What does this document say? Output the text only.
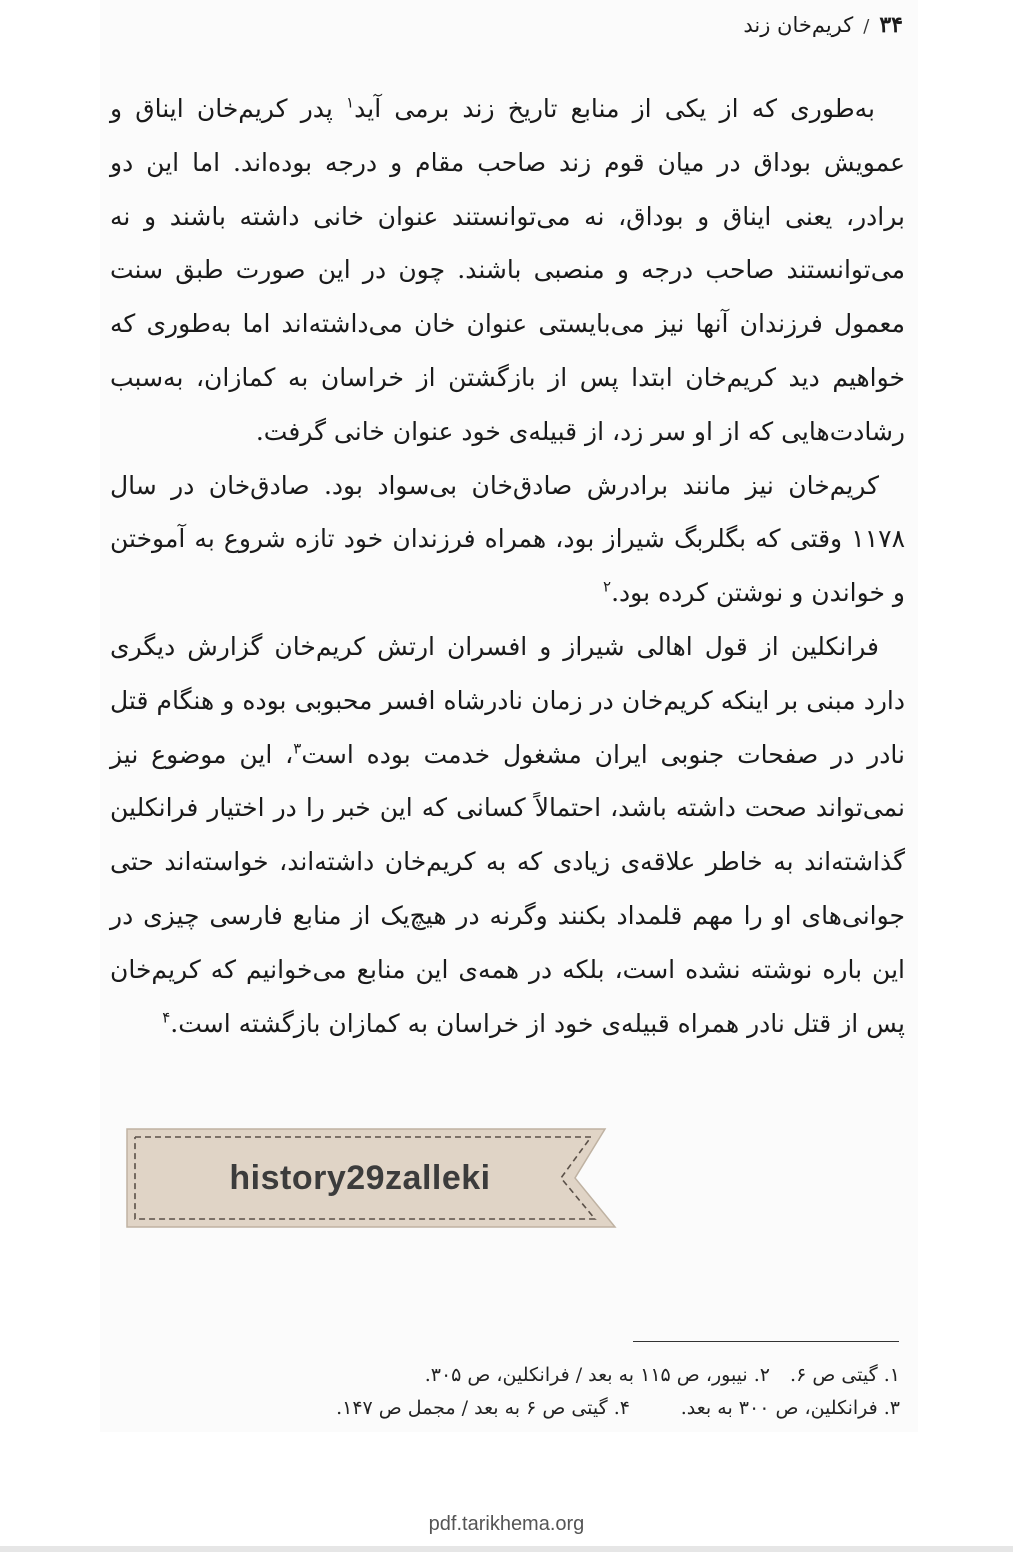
۳۴
/
کریم‌خان زند

به‌طوری که از یکی از منابع تاریخ زند برمی آید$^۱$ پدر کریم‌خان ایناق و عمویش بوداق در میان قوم زند صاحب مقام و درجه بوده‌اند. اما این دو برادر، یعنی ایناق و بوداق، نه می‌توانستند عنوان خانی داشته باشند و نه می‌توانستند صاحب درجه و منصبی باشند. چون در این صورت طبق سنت معمول فرزندان آنها نیز می‌بایستی عنوان خان می‌داشته‌اند اما به‌طوری که خواهیم دید کریم‌خان ابتدا پس از بازگشتن از خراسان به کمازان، به‌سبب رشادت‌هایی که از او سر زد، از قبیله‌ی خود عنوان خانی گرفت.

کریم‌خان نیز مانند برادرش صادق‌خان بی‌سواد بود. صادق‌خان در سال ۱۱۷۸ وقتی که بگلربگ شیراز بود، همراه فرزندان خود تازه شروع به آموختن و خواندن و نوشتن کرده بود.$^۲$

فرانکلین از قول اهالی شیراز و افسران ارتش کریم‌خان گزارش دیگری دارد مبنی بر اینکه کریم‌خان در زمان نادرشاه افسر محبوبی بوده و هنگام قتل نادر در صفحات جنوبی ایران مشغول خدمت بوده است$^۳$، این موضوع نیز نمی‌تواند صحت داشته باشد، احتمالاً کسانی که این خبر را در اختیار فرانکلین گذاشته‌اند به خاطر علاقه‌ی زیادی که به کریم‌خان داشته‌اند، خواسته‌اند حتی جوانی‌های او را مهم قلمداد بکنند وگرنه در هیچ‌یک از منابع فارسی چیزی در این باره نوشته نشده است، بلکه در همه‌ی این منابع می‌خوانیم که کریم‌خان پس از قتل نادر همراه قبیله‌ی خود از خراسان به کمازان بازگشته است.$^۴$

history29zalleki
۱. گیتی ص ۶.
۲. نیبور، ص ۱۱۵ به بعد / فرانکلین، ص ۳۰۵.
۳. فرانکلین، ص ۳۰۰ به بعد.
۴. گیتی ص ۶ به بعد / مجمل ص ۱۴۷.
pdf.tarikhema.org
